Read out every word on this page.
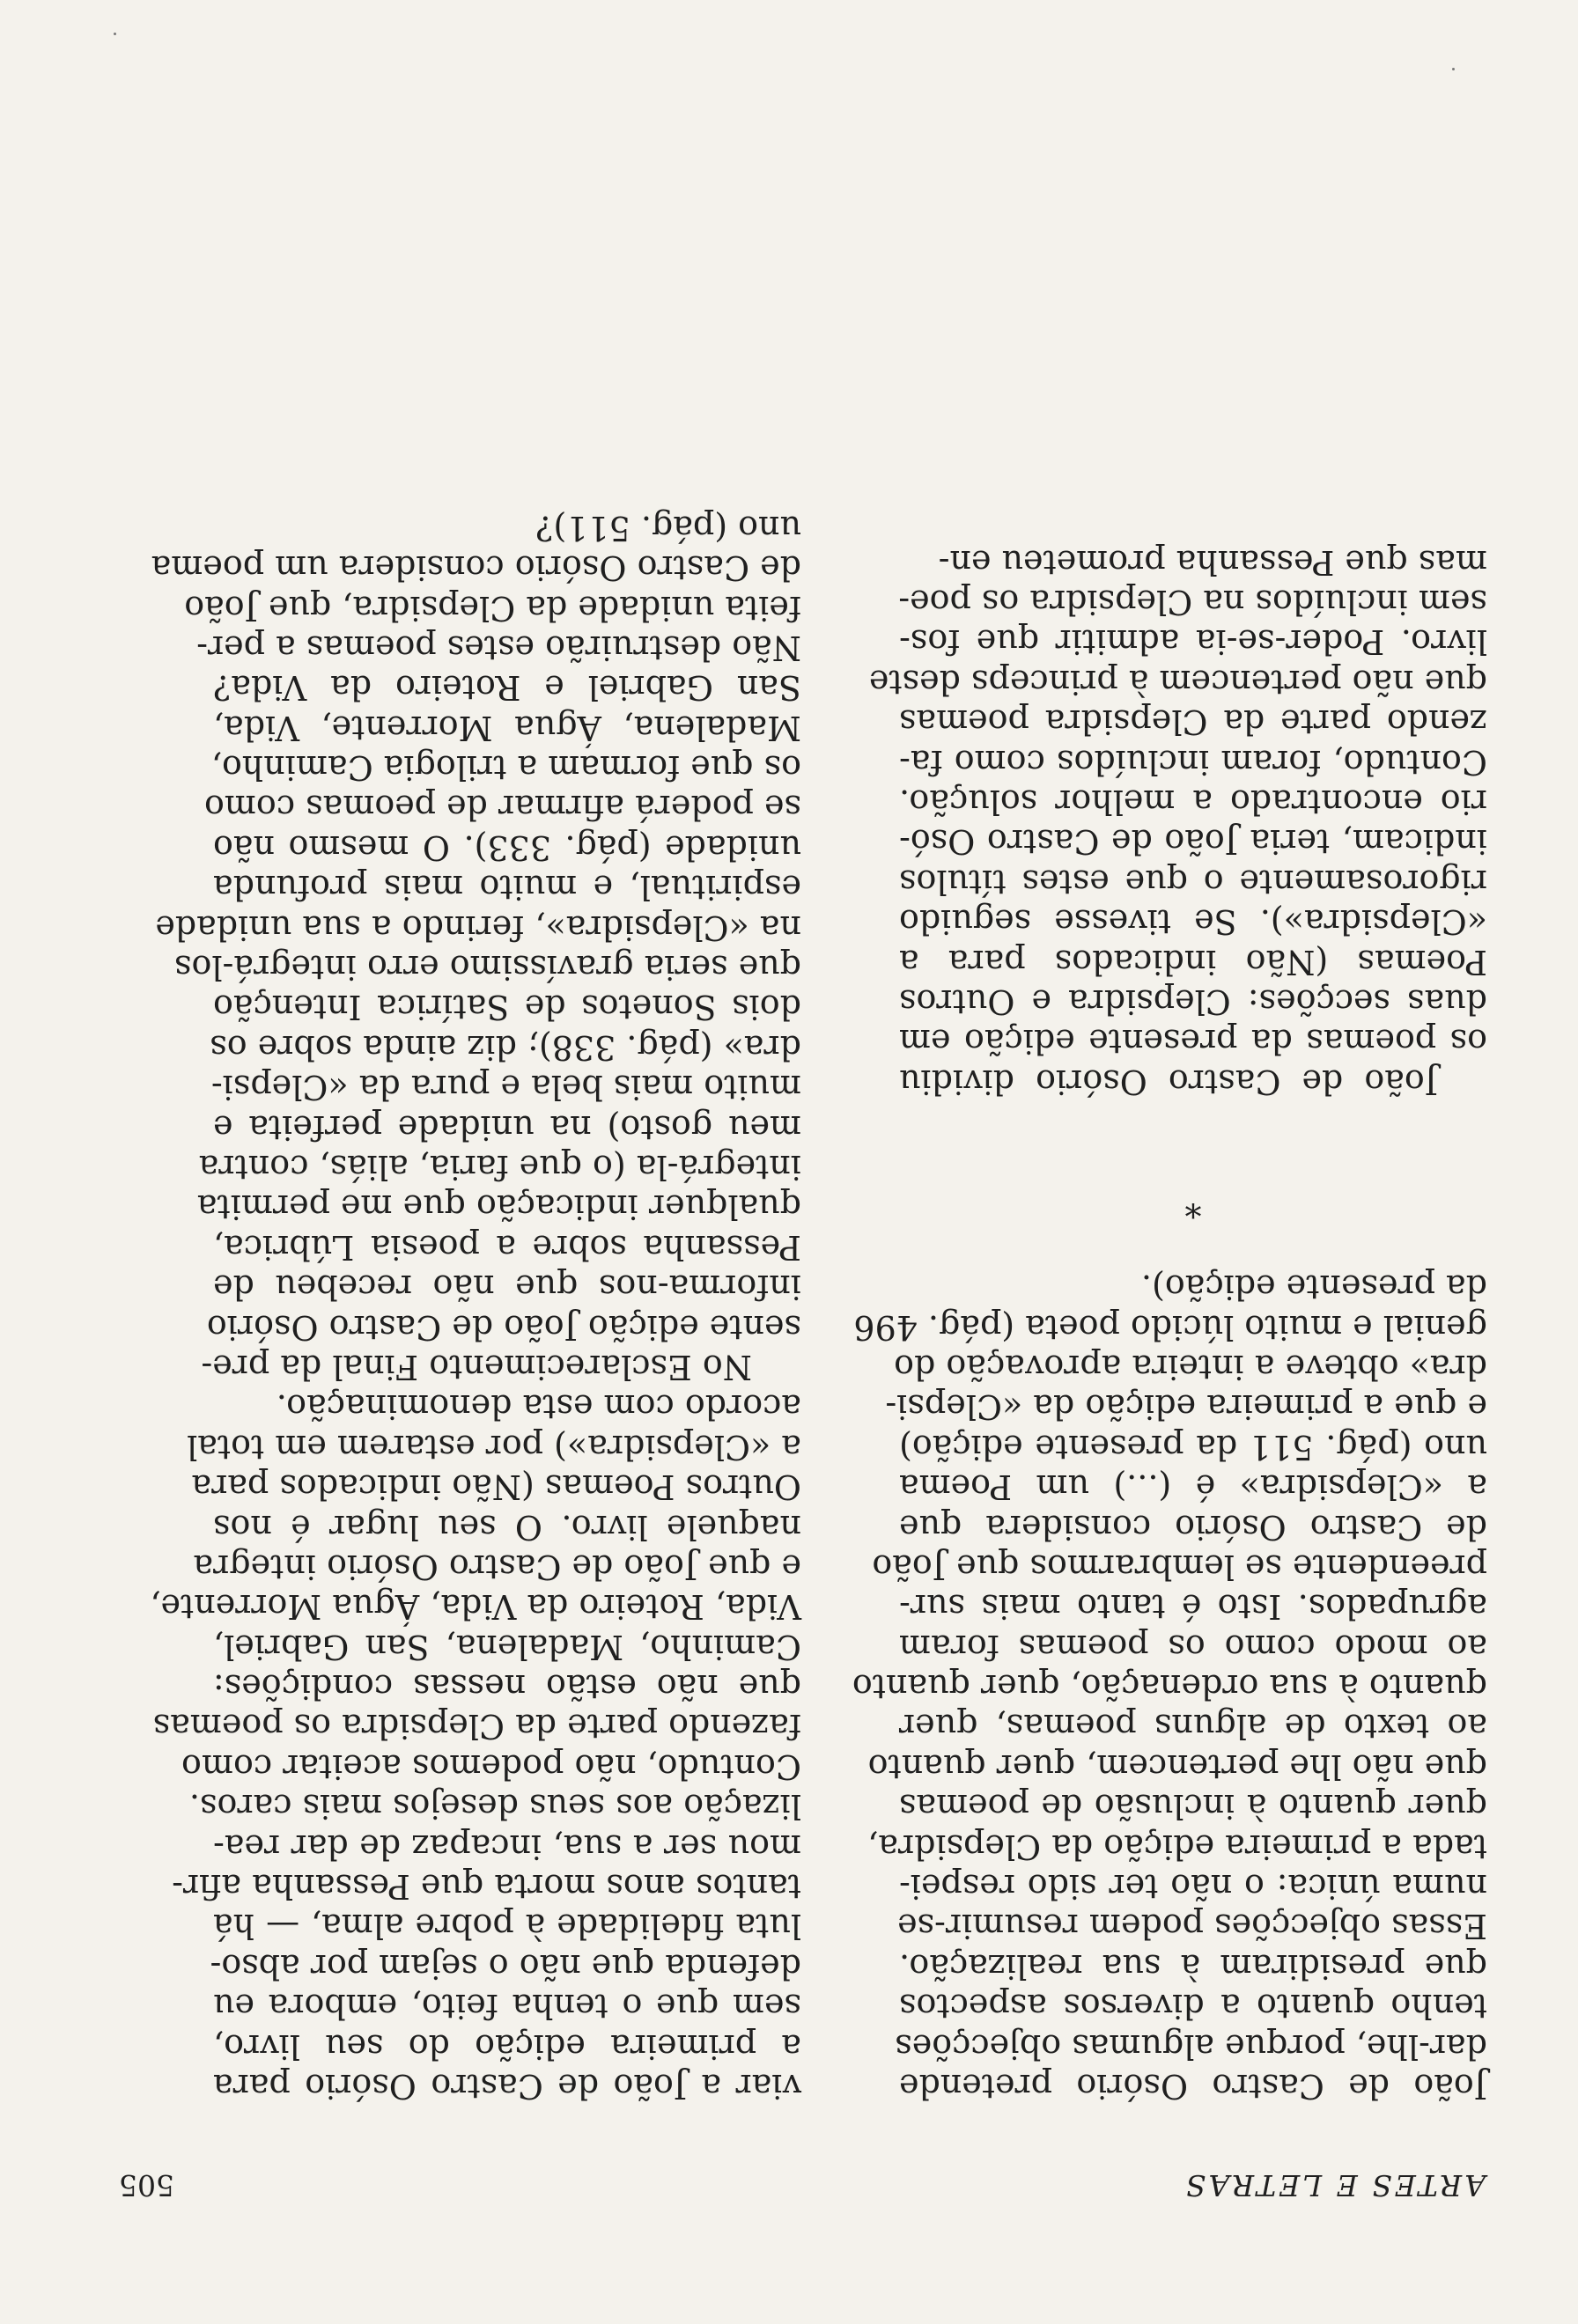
ARTES E LETRAS
505
João de Castro Osório pretende
dar-lhe, porque algumas objecções
tenho quanto a diversos aspectos
que presidiram à sua realização.
Essas objecções podem resumir-se
numa única: o não ter sido respei-
tada a primeira edição da Clepsidra,
quer quanto à inclusão de poemas
que não lhe pertencem, quer quanto
ao texto de alguns poemas, quer
quanto à sua ordenação, quer quanto
ao modo como os poemas foram
agrupados. Isto é tanto mais sur-
preendente se lembrarmos que João
de Castro Osório considera que
a «Clepsidra» é (...) um Poema
uno (pág. 511 da presente edição)
e que a primeira edição da «Clepsi-
dra» obteve a inteira aprovação do
genial e muito lúcido poeta (pág. 496
da presente edição).
*
João de Castro Osório dividiu
os poemas da presente edição em
duas secções: Clepsidra e Outros
Poemas (Não indicados para a
«Clepsidra»). Se tivesse seguido
rigorosamente o que estes títulos
indicam, teria João de Castro Osó-
rio encontrado a melhor solução.
Contudo, foram incluídos como fa-
zendo parte da Clepsidra poemas
que não pertencem à princeps deste
livro. Poder-se-ia admitir que fos-
sem incluídos na Clepsidra os poe-
mas que Pessanha prometeu en-
viar a João de Castro Osório para
a primeira edição do seu livro,
sem que o tenha feito, embora eu
defenda que não o sejam por abso-
luta fidelidade à pobre alma, — há
tantos anos morta que Pessanha afir-
mou ser a sua, incapaz de dar rea-
lização aos seus desejos mais caros.
Contudo, não podemos aceitar como
fazendo parte da Clepsidra os poemas
que não estão nessas condições:
Caminho, Madalena, San Gabriel,
Vida, Roteiro da Vida, Água Morrente,
e que João de Castro Osório integra
naquele livro. O seu lugar é nos
Outros Poemas (Não indicados para
a «Clepsidra») por estarem em total
acordo com esta denominação.
No Esclarecimento Final da pre-
sente edição João de Castro Osório
informa-nos que não recebeu de
Pessanha sobre a poesia Lúbrica,
qualquer indicação que me permita
integrá-la (o que faria, aliás, contra
meu gosto) na unidade perfeita e
muito mais bela e pura da «Clepsi-
dra» (pág. 338); diz ainda sobre os
dois Sonetos de Satírica Intenção
que seria gravíssimo erro integrá-los
na «Clepsidra», ferindo a sua unidade
espiritual, e muito mais profunda
unidade (pág. 333). O mesmo não
se poderá afirmar de peomas como
os que formam a trilogia Caminho,
Madalena, Água Morrente, Vida,
San Gabriel e Roteiro da Vida?
Não destruirão estes poemas a per-
feita unidade da Clepsidra, que João
de Castro Osório considera um poema
uno (pág. 511)?
